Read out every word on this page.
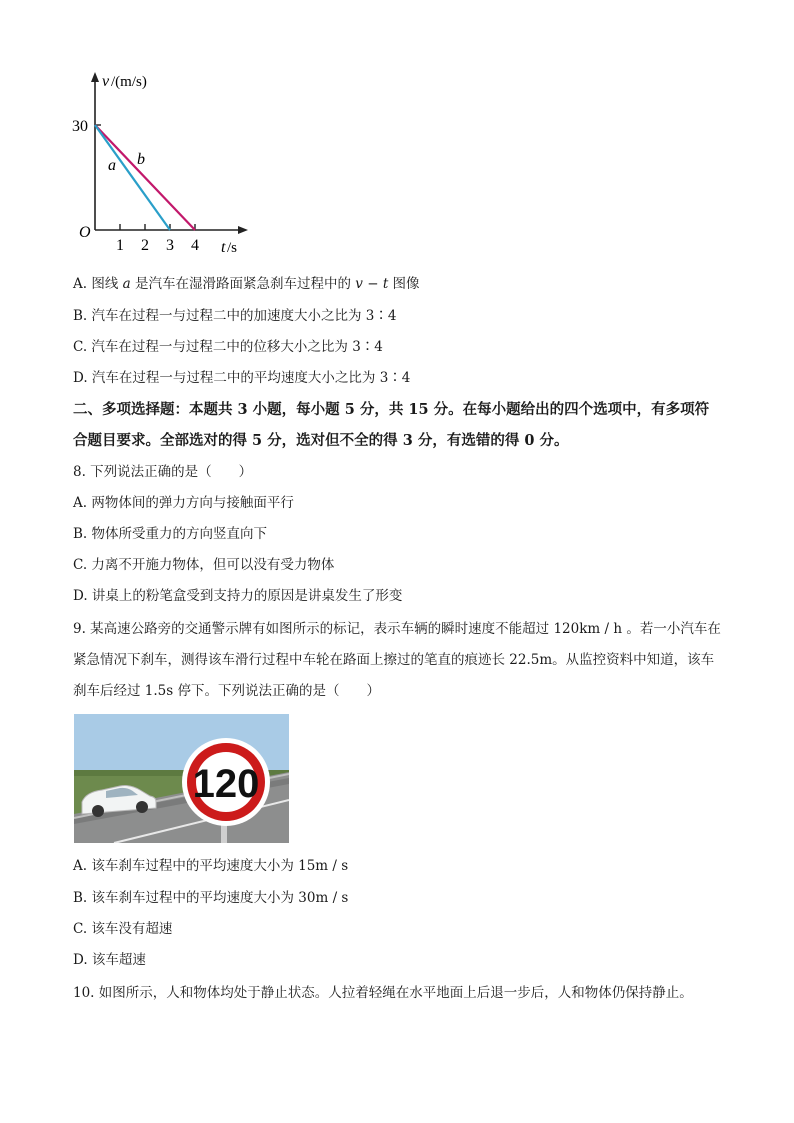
v /(m/s)
30
O
1 2 3 4 t /s
a b
A. 图线 a 是汽车在湿滑路面紧急刹车过程中的 v − t 图像
B. 汽车在过程一与过程二中的加速度大小之比为 3∶4
C. 汽车在过程一与过程二中的位移大小之比为 3∶4
D. 汽车在过程一与过程二中的平均速度大小之比为 3∶4
二、多项选择题：本题共 3 小题，每小题 5 分，共 15 分。在每小题给出的四个选项中，有多项符合题目要求。全部选对的得 5 分，选对但不全的得 3 分，有选错的得 0 分。
8. 下列说法正确的是（　　）
A. 两物体间的弹力方向与接触面平行
B. 物体所受重力的方向竖直向下
C. 力离不开施力物体，但可以没有受力物体
D. 讲桌上的粉笔盒受到支持力的原因是讲桌发生了形变
9. 某高速公路旁的交通警示牌有如图所示的标记，表示车辆的瞬时速度不能超过 120km / h 。若一小汽车在紧急情况下刹车，测得该车滑行过程中车轮在路面上擦过的笔直的痕迹长 22.5m。从监控资料中知道，该车刹车后经过 1.5s 停下。下列说法正确的是（　　）
120
A. 该车刹车过程中的平均速度大小为 15m / s
B. 该车刹车过程中的平均速度大小为 30m / s
C. 该车没有超速
D. 该车超速
10. 如图所示，人和物体均处于静止状态。人拉着轻绳在水平地面上后退一步后，人和物体仍保持静止。
